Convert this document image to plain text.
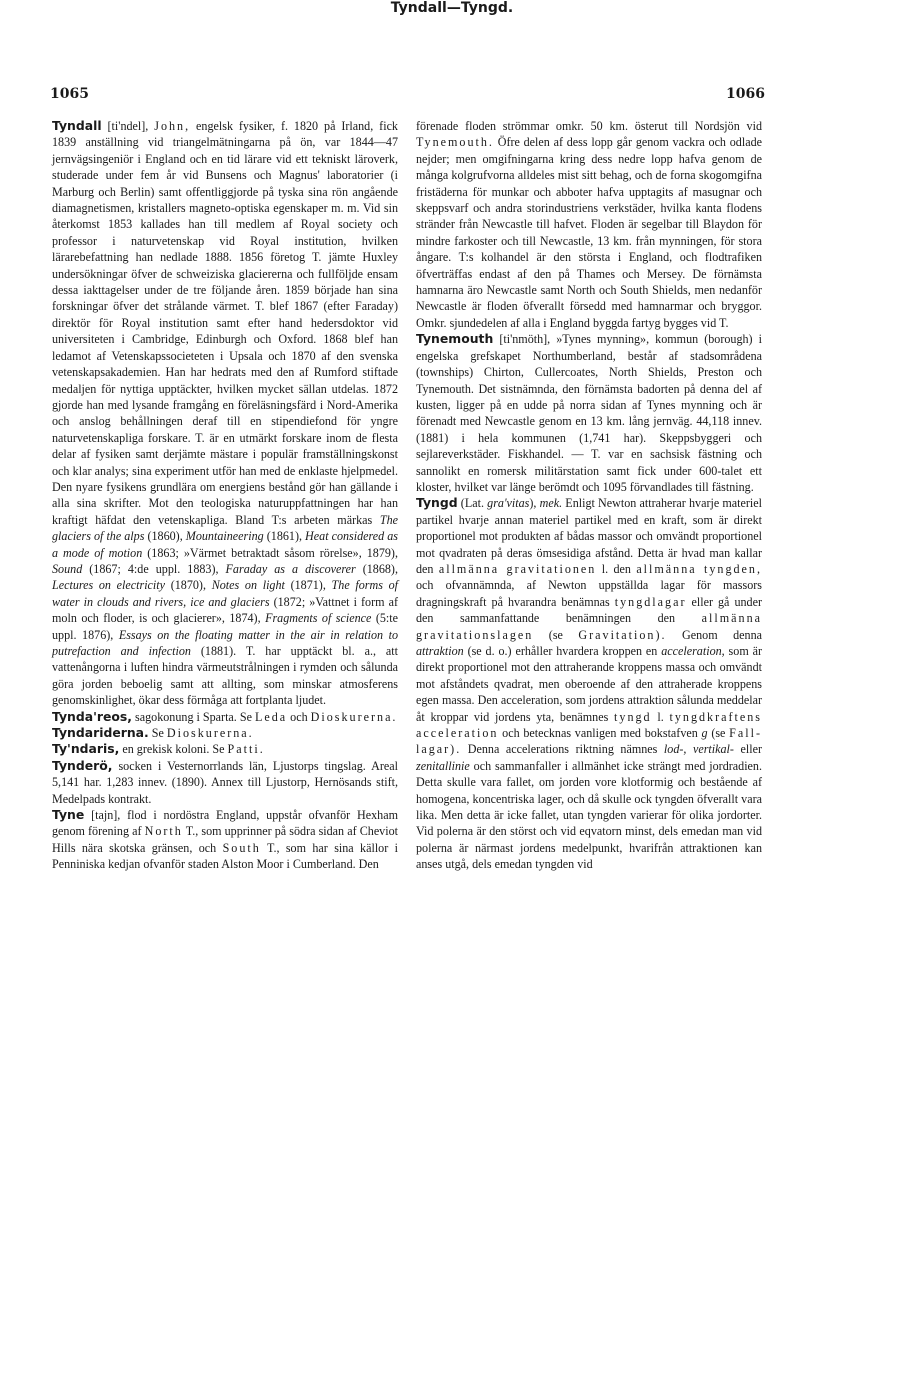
1065
Tyndall—Tyngd.
1066

Tyndall [ti'ndel], John, engelsk fysiker, f. 1820 på Irland, fick 1839 anställning vid triangelmätningarna på ön, var 1844—47 jernvägsingeniör i England och en tid lärare vid ett tekniskt läroverk, studerade under fem år vid Bunsens och Magnus' laboratorier (i Marburg och Berlin) samt offentliggjorde på tyska sina rön angående diamagnetismen, kristallers magneto-optiska egenskaper m. m. Vid sin återkomst 1853 kallades han till medlem af Royal society och professor i naturvetenskap vid Royal institution, hvilken lärarebefattning han nedlade 1888. 1856 företog T. jämte Huxley undersökningar öfver de schweiziska glaciererna och fullföljde ensam dessa iakttagelser under de tre följande åren. 1859 började han sina forskningar öfver det strålande värmet. T. blef 1867 (efter Faraday) direktör för Royal institution samt efter hand hedersdoktor vid universiteten i Cambridge, Edinburgh och Oxford. 1868 blef han ledamot af Vetenskapssocieteten i Upsala och 1870 af den svenska vetenskapsakademien. Han har hedrats med den af Rumford stiftade medaljen för nyttiga upptäckter, hvilken mycket sällan utdelas. 1872 gjorde han med lysande framgång en föreläsningsfärd i Nord-Amerika och anslog behållningen deraf till en stipendiefond för yngre naturvetenskapliga forskare. T. är en utmärkt forskare inom de flesta delar af fysiken samt derjämte mästare i populär framställningskonst och klar analys; sina experiment utför han med de enklaste hjelpmedel. Den nyare fysikens grundlära om energiens bestånd gör han gällande i alla sina skrifter. Mot den teologiska naturuppfattningen har han kraftigt häfdat den vetenskapliga. Bland T:s arbeten märkas The glaciers of the alps (1860), Mountaineering (1861), Heat considered as a mode of motion (1863; »Värmet betraktadt såsom rörelse», 1879), Sound (1867; 4:de uppl. 1883), Faraday as a discoverer (1868), Lectures on electricity (1870), Notes on light (1871), The forms of water in clouds and rivers, ice and glaciers (1872; »Vattnet i form af moln och floder, is och glacierer», 1874), Fragments of science (5:te uppl. 1876), Essays on the floating matter in the air in relation to putrefaction and infection (1881). T. har upptäckt bl. a., att vattenångorna i luften hindra värmeutstrålningen i rymden och sålunda göra jorden beboelig samt att allting, som minskar atmosferens genomskinlighet, ökar dess förmåga att fortplanta ljudet.

Tynda'reos, sagokonung i Sparta. Se Leda och Dioskurerna.

Tyndariderna. Se Dioskurerna.

Ty'ndaris, en grekisk koloni. Se Patti.

Tynderö, socken i Vesternorrlands län, Ljustorps tingslag. Areal 5,141 har. 1,283 innev. (1890). Annex till Ljustorp, Hernösands stift, Medelpads kontrakt.

Tyne [tajn], flod i nordöstra England, uppstår ofvanför Hexham genom förening af North T., som upprinner på södra sidan af Cheviot Hills nära skotska gränsen, och South T., som har sina källor i Penniniska kedjan ofvanför staden Alston Moor i Cumberland. Den

förenade floden strömmar omkr. 50 km. österut till Nordsjön vid Tynemouth. Öfre delen af dess lopp går genom vackra och odlade nejder; men omgifningarna kring dess nedre lopp hafva genom de många kolgrufvorna alldeles mist sitt behag, och de forna skogomgifna fristäderna för munkar och abboter hafva upptagits af masugnar och skeppsvarf och andra storindustriens verkstäder, hvilka kanta flodens stränder från Newcastle till hafvet. Floden är segelbar till Blaydon för mindre farkoster och till Newcastle, 13 km. från mynningen, för stora ångare. T:s kolhandel är den största i England, och flodtrafiken öfverträffas endast af den på Thames och Mersey. De förnämsta hamnarna äro Newcastle samt North och South Shields, men nedanför Newcastle är floden öfverallt försedd med hamnarmar och bryggor. Omkr. sjundedelen af alla i England byggda fartyg bygges vid T.

Tynemouth [ti'nmöth], »Tynes mynning», kommun (borough) i engelska grefskapet Northumberland, består af stadsområdena (townships) Chirton, Cullercoates, North Shields, Preston och Tynemouth. Det sistnämnda, den förnämsta badorten på denna del af kusten, ligger på en udde på norra sidan af Tynes mynning och är förenadt med Newcastle genom en 13 km. lång jernväg. 44,118 innev. (1881) i hela kommunen (1,741 har). Skeppsbyggeri och sejlareverkstäder. Fiskhandel. — T. var en sachsisk fästning och sannolikt en romersk militärstation samt fick under 600-talet ett kloster, hvilket var länge berömdt och 1095 förvandlades till fästning.

Tyngd (Lat. gra'vitas), mek. Enligt Newton attraherar hvarje materiel partikel hvarje annan materiel partikel med en kraft, som är direkt proportionel mot produkten af bådas massor och omvändt proportionel mot qvadraten på deras ömsesidiga afstånd. Detta är hvad man kallar den allmänna gravitationen l. den allmänna tyngden, och ofvannämnda, af Newton uppställda lagar för massors dragningskraft på hvarandra benämnas tyngdlagar eller gå under den sammanfattande benämningen den allmänna gravitationslagen (se Gravitation). Genom denna attraktion (se d. o.) erhåller hvardera kroppen en acceleration, som är direkt proportionel mot den attraherande kroppens massa och omvändt mot afståndets qvadrat, men oberoende af den attraherade kroppens egen massa. Den acceleration, som jordens attraktion sålunda meddelar åt kroppar vid jordens yta, benämnes tyngd l. tyngdkraftens acceleration och betecknas vanligen med bokstafven g (se Fall-lagar). Denna accelerations riktning nämnes lod-, vertikal- eller zenitallinie och sammanfaller i allmänhet icke strängt med jordradien. Detta skulle vara fallet, om jorden vore klotformig och bestående af homogena, koncentriska lager, och då skulle ock tyngden öfverallt vara lika. Men detta är icke fallet, utan tyngden varierar för olika jordorter. Vid polerna är den störst och vid eqvatorn minst, dels emedan man vid polerna är närmast jordens medelpunkt, hvarifrån attraktionen kan anses utgå, dels emedan tyngden vid
